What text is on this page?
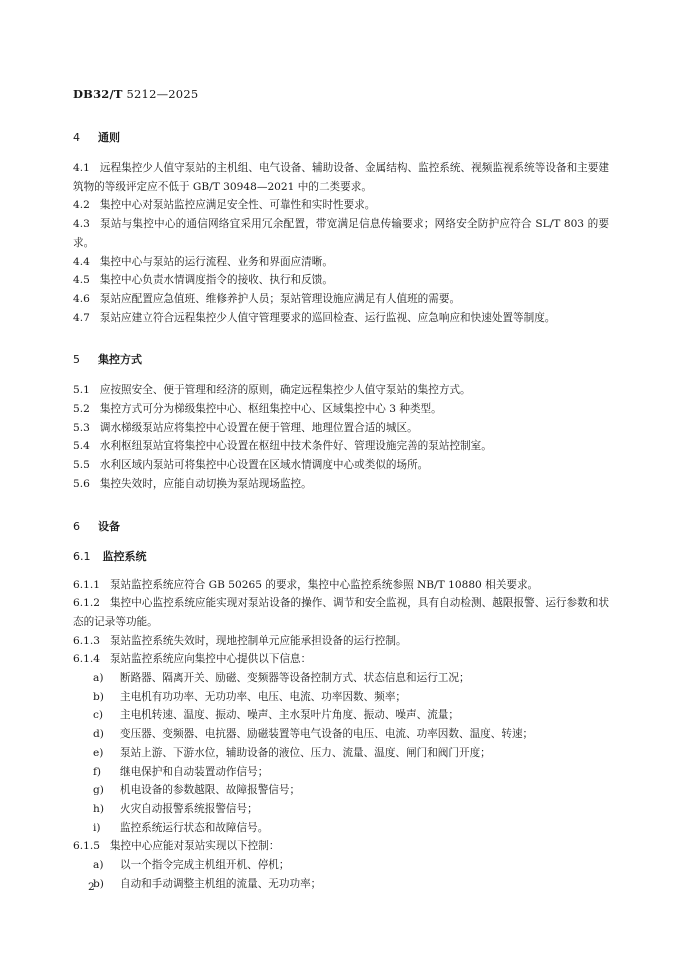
DB32/T 5212—2025
4 通则
4.1 远程集控少人值守泵站的主机组、电气设备、辅助设备、金属结构、监控系统、视频监视系统等设备和主要建筑物的等级评定应不低于 GB/T 30948—2021 中的二类要求。
4.2 集控中心对泵站监控应满足安全性、可靠性和实时性要求。
4.3 泵站与集控中心的通信网络宜采用冗余配置，带宽满足信息传输要求；网络安全防护应符合 SL/T 803 的要求。
4.4 集控中心与泵站的运行流程、业务和界面应清晰。
4.5 集控中心负责水情调度指令的接收、执行和反馈。
4.6 泵站应配置应急值班、维修养护人员；泵站管理设施应满足有人值班的需要。
4.7 泵站应建立符合远程集控少人值守管理要求的巡回检查、运行监视、应急响应和快速处置等制度。
5 集控方式
5.1 应按照安全、便于管理和经济的原则，确定远程集控少人值守泵站的集控方式。
5.2 集控方式可分为梯级集控中心、枢纽集控中心、区域集控中心 3 种类型。
5.3 调水梯级泵站应将集控中心设置在便于管理、地理位置合适的城区。
5.4 水利枢纽泵站宜将集控中心设置在枢纽中技术条件好、管理设施完善的泵站控制室。
5.5 水利区域内泵站可将集控中心设置在区域水情调度中心或类似的场所。
5.6 集控失效时，应能自动切换为泵站现场监控。
6 设备
6.1 监控系统
6.1.1 泵站监控系统应符合 GB 50265 的要求，集控中心监控系统参照 NB/T 10880 相关要求。
6.1.2 集控中心监控系统应能实现对泵站设备的操作、调节和安全监视，具有自动检测、越限报警、运行参数和状态的记录等功能。
6.1.3 泵站监控系统失效时，现地控制单元应能承担设备的运行控制。
6.1.4 泵站监控系统应向集控中心提供以下信息：
a) 断路器、隔离开关、励磁、变频器等设备控制方式、状态信息和运行工况；
b) 主电机有功功率、无功功率、电压、电流、功率因数、频率；
c) 主电机转速、温度、振动、噪声、主水泵叶片角度、振动、噪声、流量；
d) 变压器、变频器、电抗器、励磁装置等电气设备的电压、电流、功率因数、温度、转速；
e) 泵站上游、下游水位，辅助设备的液位、压力、流量、温度、闸门和阀门开度；
f) 继电保护和自动装置动作信号；
g) 机电设备的参数越限、故障报警信号；
h) 火灾自动报警系统报警信号；
i) 监控系统运行状态和故障信号。
6.1.5 集控中心应能对泵站实现以下控制：
a) 以一个指令完成主机组开机、停机；
b) 自动和手动调整主机组的流量、无功功率；
2
